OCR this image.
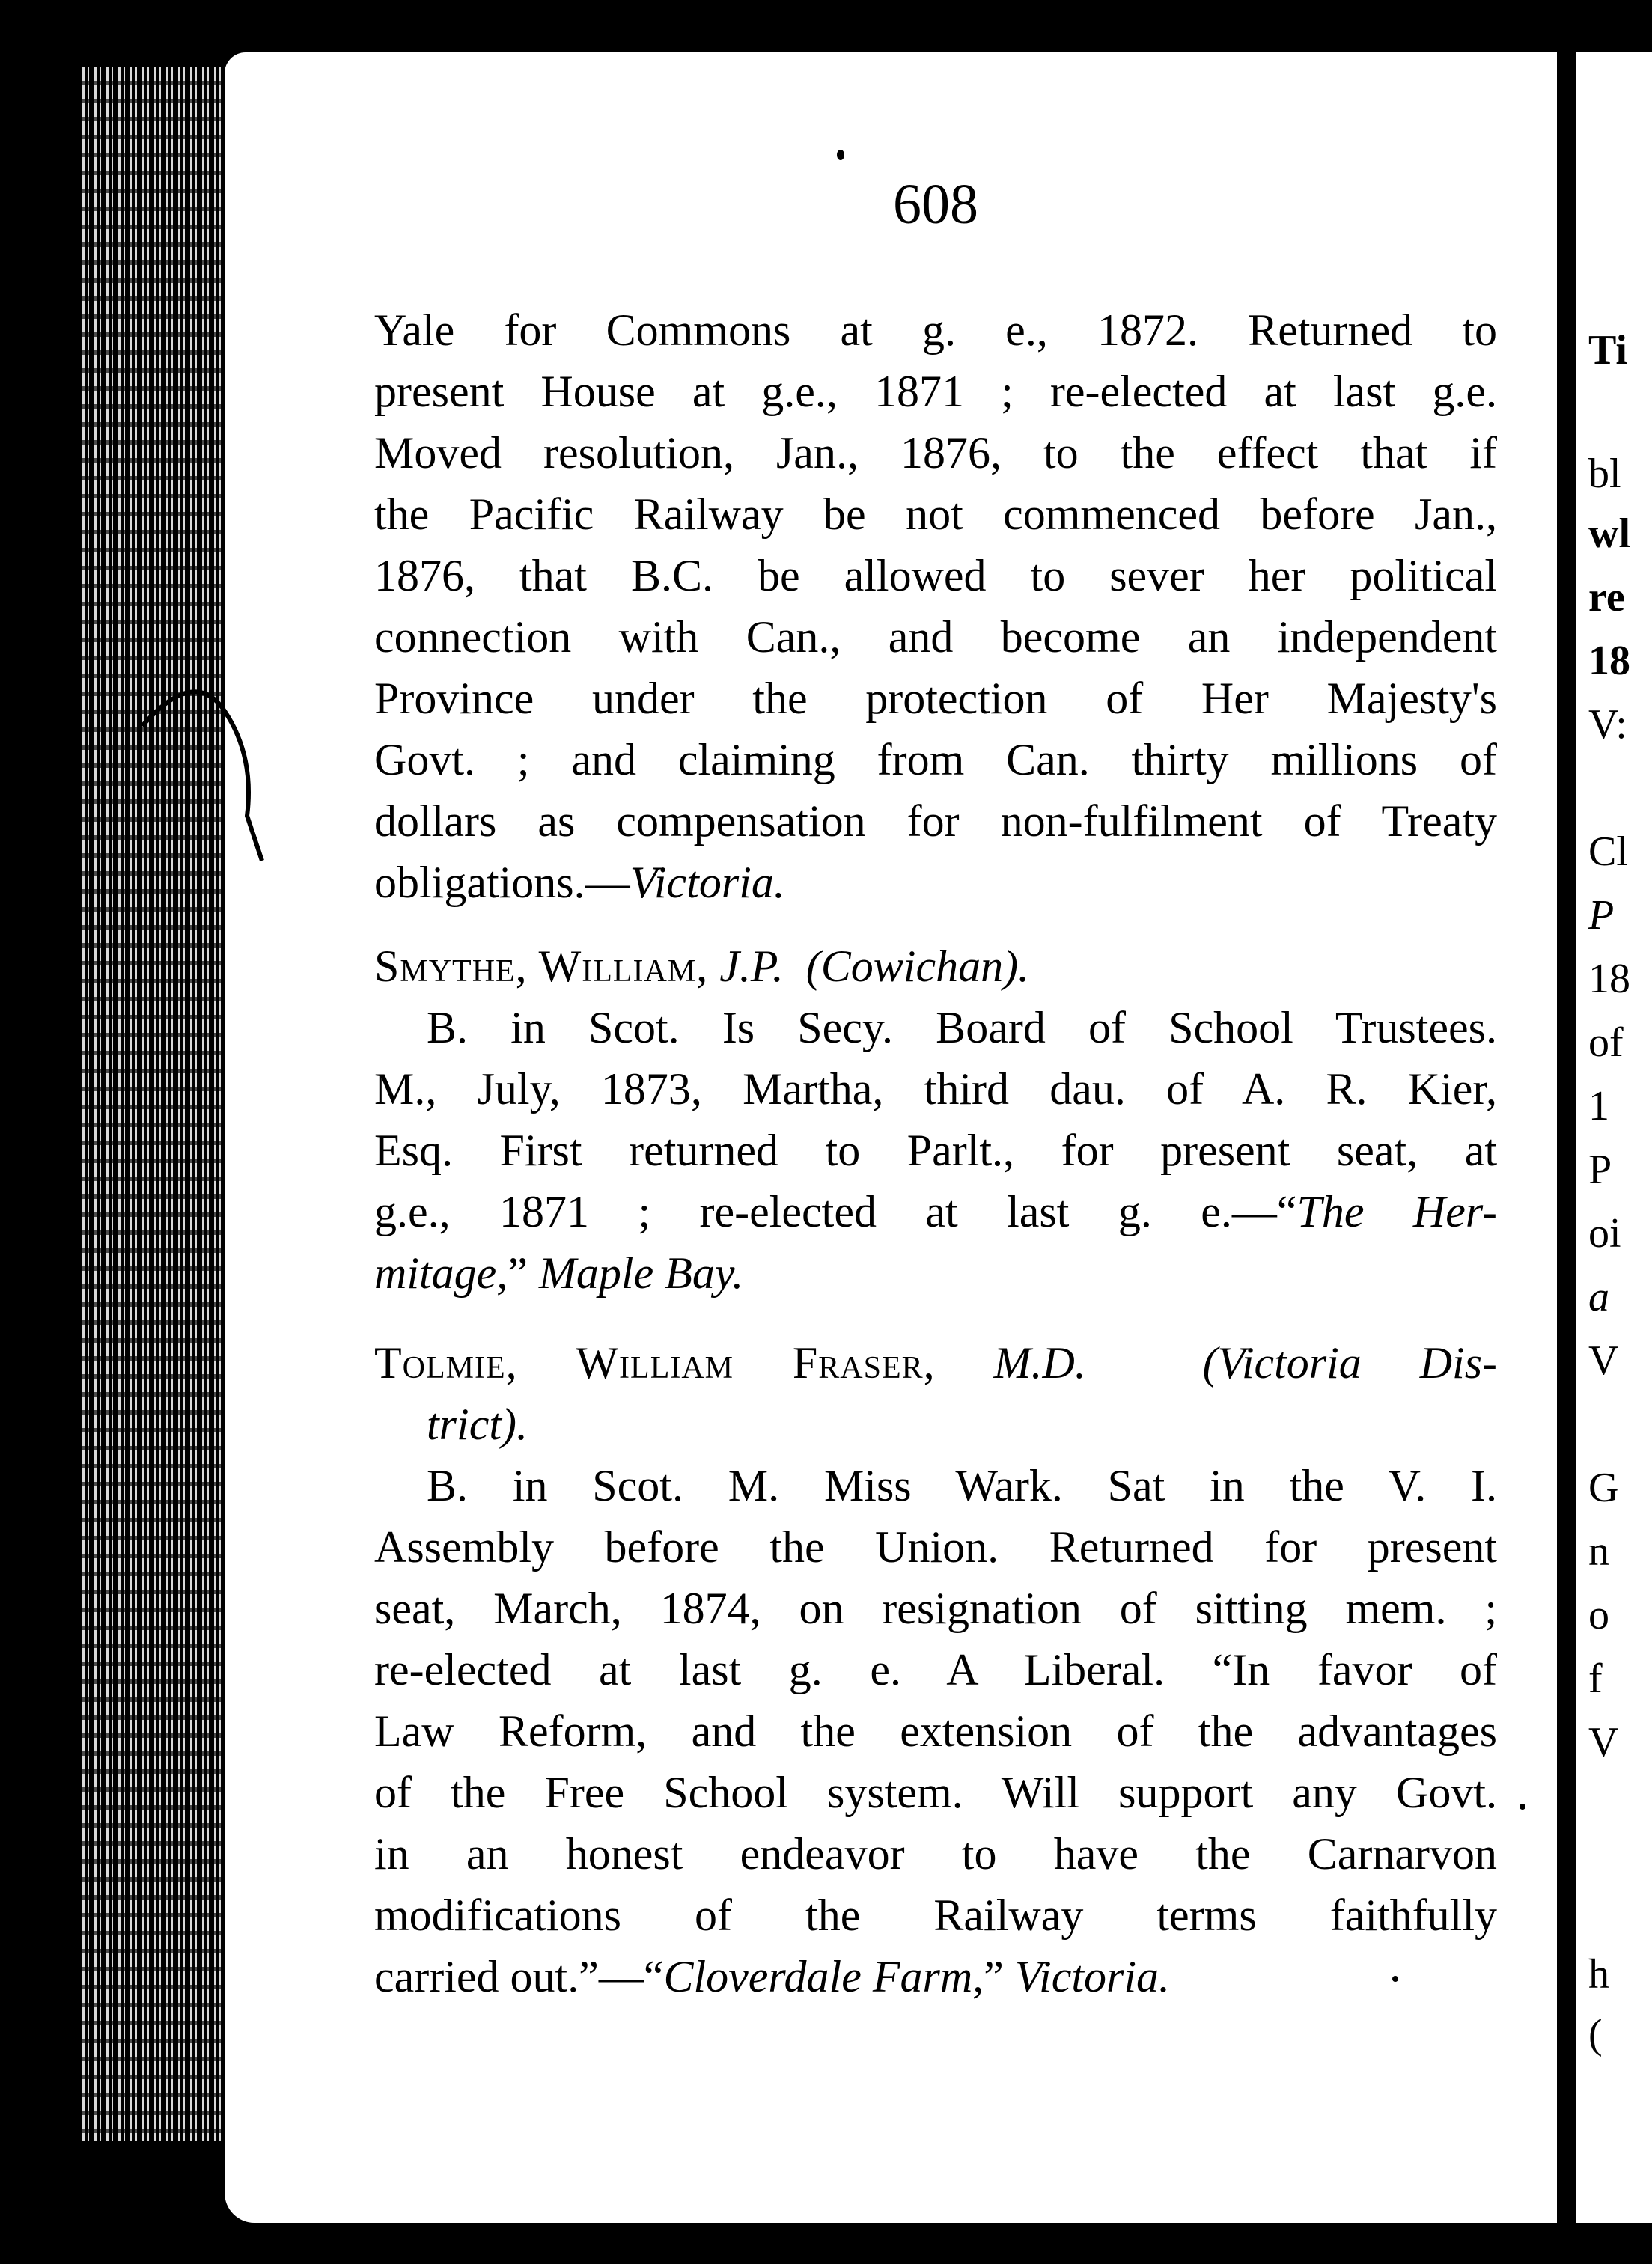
Ti
bl
wl
re
18
V:
Cl
P
18
of
1
P
oi
a
V
G
n
o
f
V
h
(
608
Yale for Commons at g. e., 1872. Returned to
present House at g.e., 1871 ; re-elected at last g.e.
Moved resolution, Jan., 1876, to the effect that if
the Pacific Railway be not commenced before Jan.,
1876, that B.C. be allowed to sever her political
connection with Can., and become an independent
Province under the protection of Her Majesty's
Govt. ; and claiming from Can. thirty millions of
dollars as compensation for non-fulfilment of Treaty
obligations.—Victoria.
Smythe, William, J.P. (Cowichan).
B. in Scot. Is Secy. Board of School Trustees.
M., July, 1873, Martha, third dau. of A. R. Kier,
Esq. First returned to Parlt., for present seat, at
g.e., 1871 ; re-elected at last g. e.—“The Her-
mitage,” Maple Bay.
Tolmie, William Fraser, M.D.	(Victoria Dis-
trict).
B. in Scot. M. Miss Wark. Sat in the V. I.
Assembly before the Union. Returned for present
seat, March, 1874, on resignation of sitting mem. ;
re-elected at last g. e. A Liberal. “In favor of
Law Reform, and the extension of the advantages
of the Free School system. Will support any Govt.
in an honest endeavor to have the Carnarvon
modifications of the Railway terms faithfully
carried out.”—“Cloverdale Farm,” Victoria.
